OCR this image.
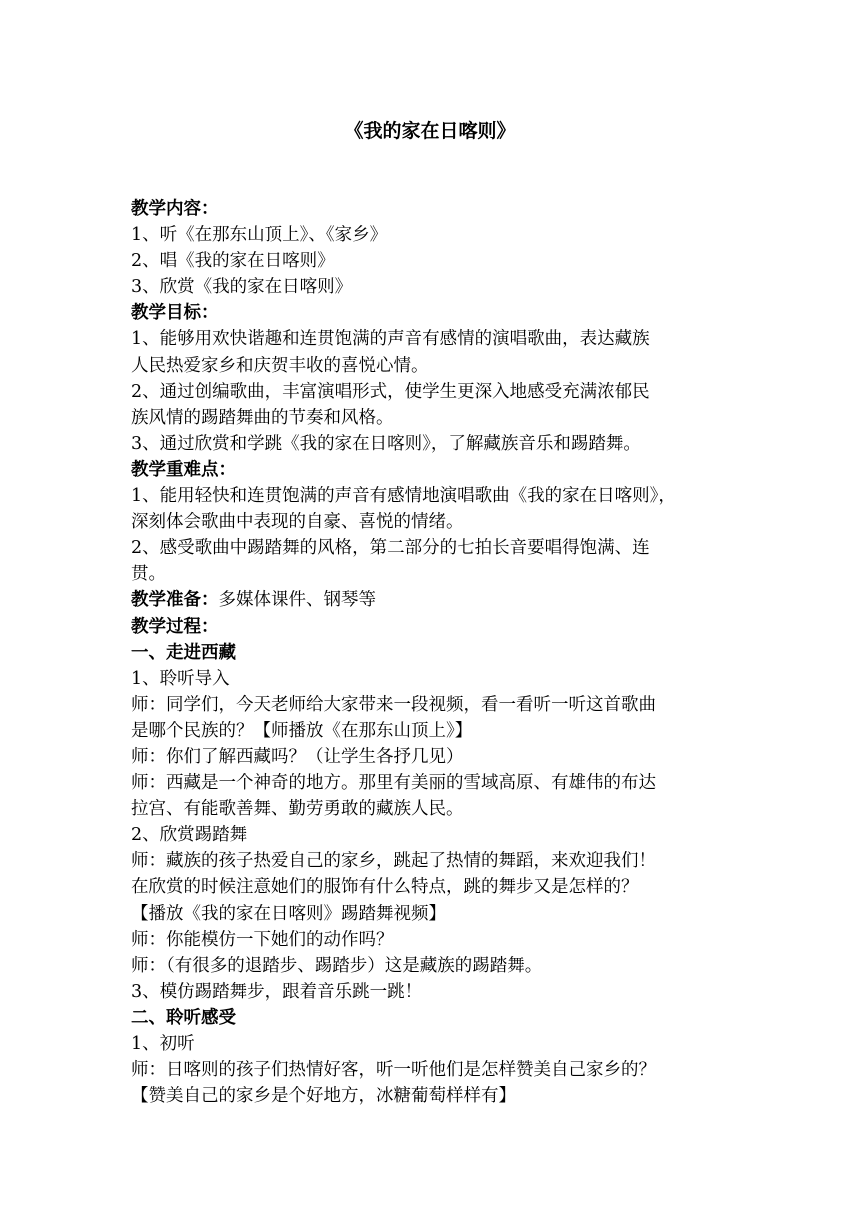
《我的家在日喀则》
教学内容：
1、听《在那东山顶上》、《家乡》
2、唱《我的家在日喀则》
3、欣赏《我的家在日喀则》
教学目标：
1、能够用欢快谐趣和连贯饱满的声音有感情的演唱歌曲，表达藏族
人民热爱家乡和庆贺丰收的喜悦心情。
2、通过创编歌曲，丰富演唱形式，使学生更深入地感受充满浓郁民
族风情的踢踏舞曲的节奏和风格。
3、通过欣赏和学跳《我的家在日喀则》，了解藏族音乐和踢踏舞。
教学重难点：
1、能用轻快和连贯饱满的声音有感情地演唱歌曲《我的家在日喀则》，
深刻体会歌曲中表现的自豪、喜悦的情绪。
2、感受歌曲中踢踏舞的风格，第二部分的七拍长音要唱得饱满、连
贯。
教学准备：多媒体课件、钢琴等
教学过程：
一、走进西藏
1、聆听导入
师：同学们，今天老师给大家带来一段视频，看一看听一听这首歌曲
是哪个民族的？【师播放《在那东山顶上》】
师：你们了解西藏吗？（让学生各抒几见）
师：西藏是一个神奇的地方。那里有美丽的雪域高原、有雄伟的布达
拉宫、有能歌善舞、勤劳勇敢的藏族人民。
2、欣赏踢踏舞
师：藏族的孩子热爱自己的家乡，跳起了热情的舞蹈，来欢迎我们！
在欣赏的时候注意她们的服饰有什么特点，跳的舞步又是怎样的？
【播放《我的家在日喀则》踢踏舞视频】
师：你能模仿一下她们的动作吗？
师：（有很多的退踏步、踢踏步）这是藏族的踢踏舞。
3、模仿踢踏舞步，跟着音乐跳一跳！
二、聆听感受
1、初听
师：日喀则的孩子们热情好客，听一听他们是怎样赞美自己家乡的？
【赞美自己的家乡是个好地方，冰糖葡萄样样有】
